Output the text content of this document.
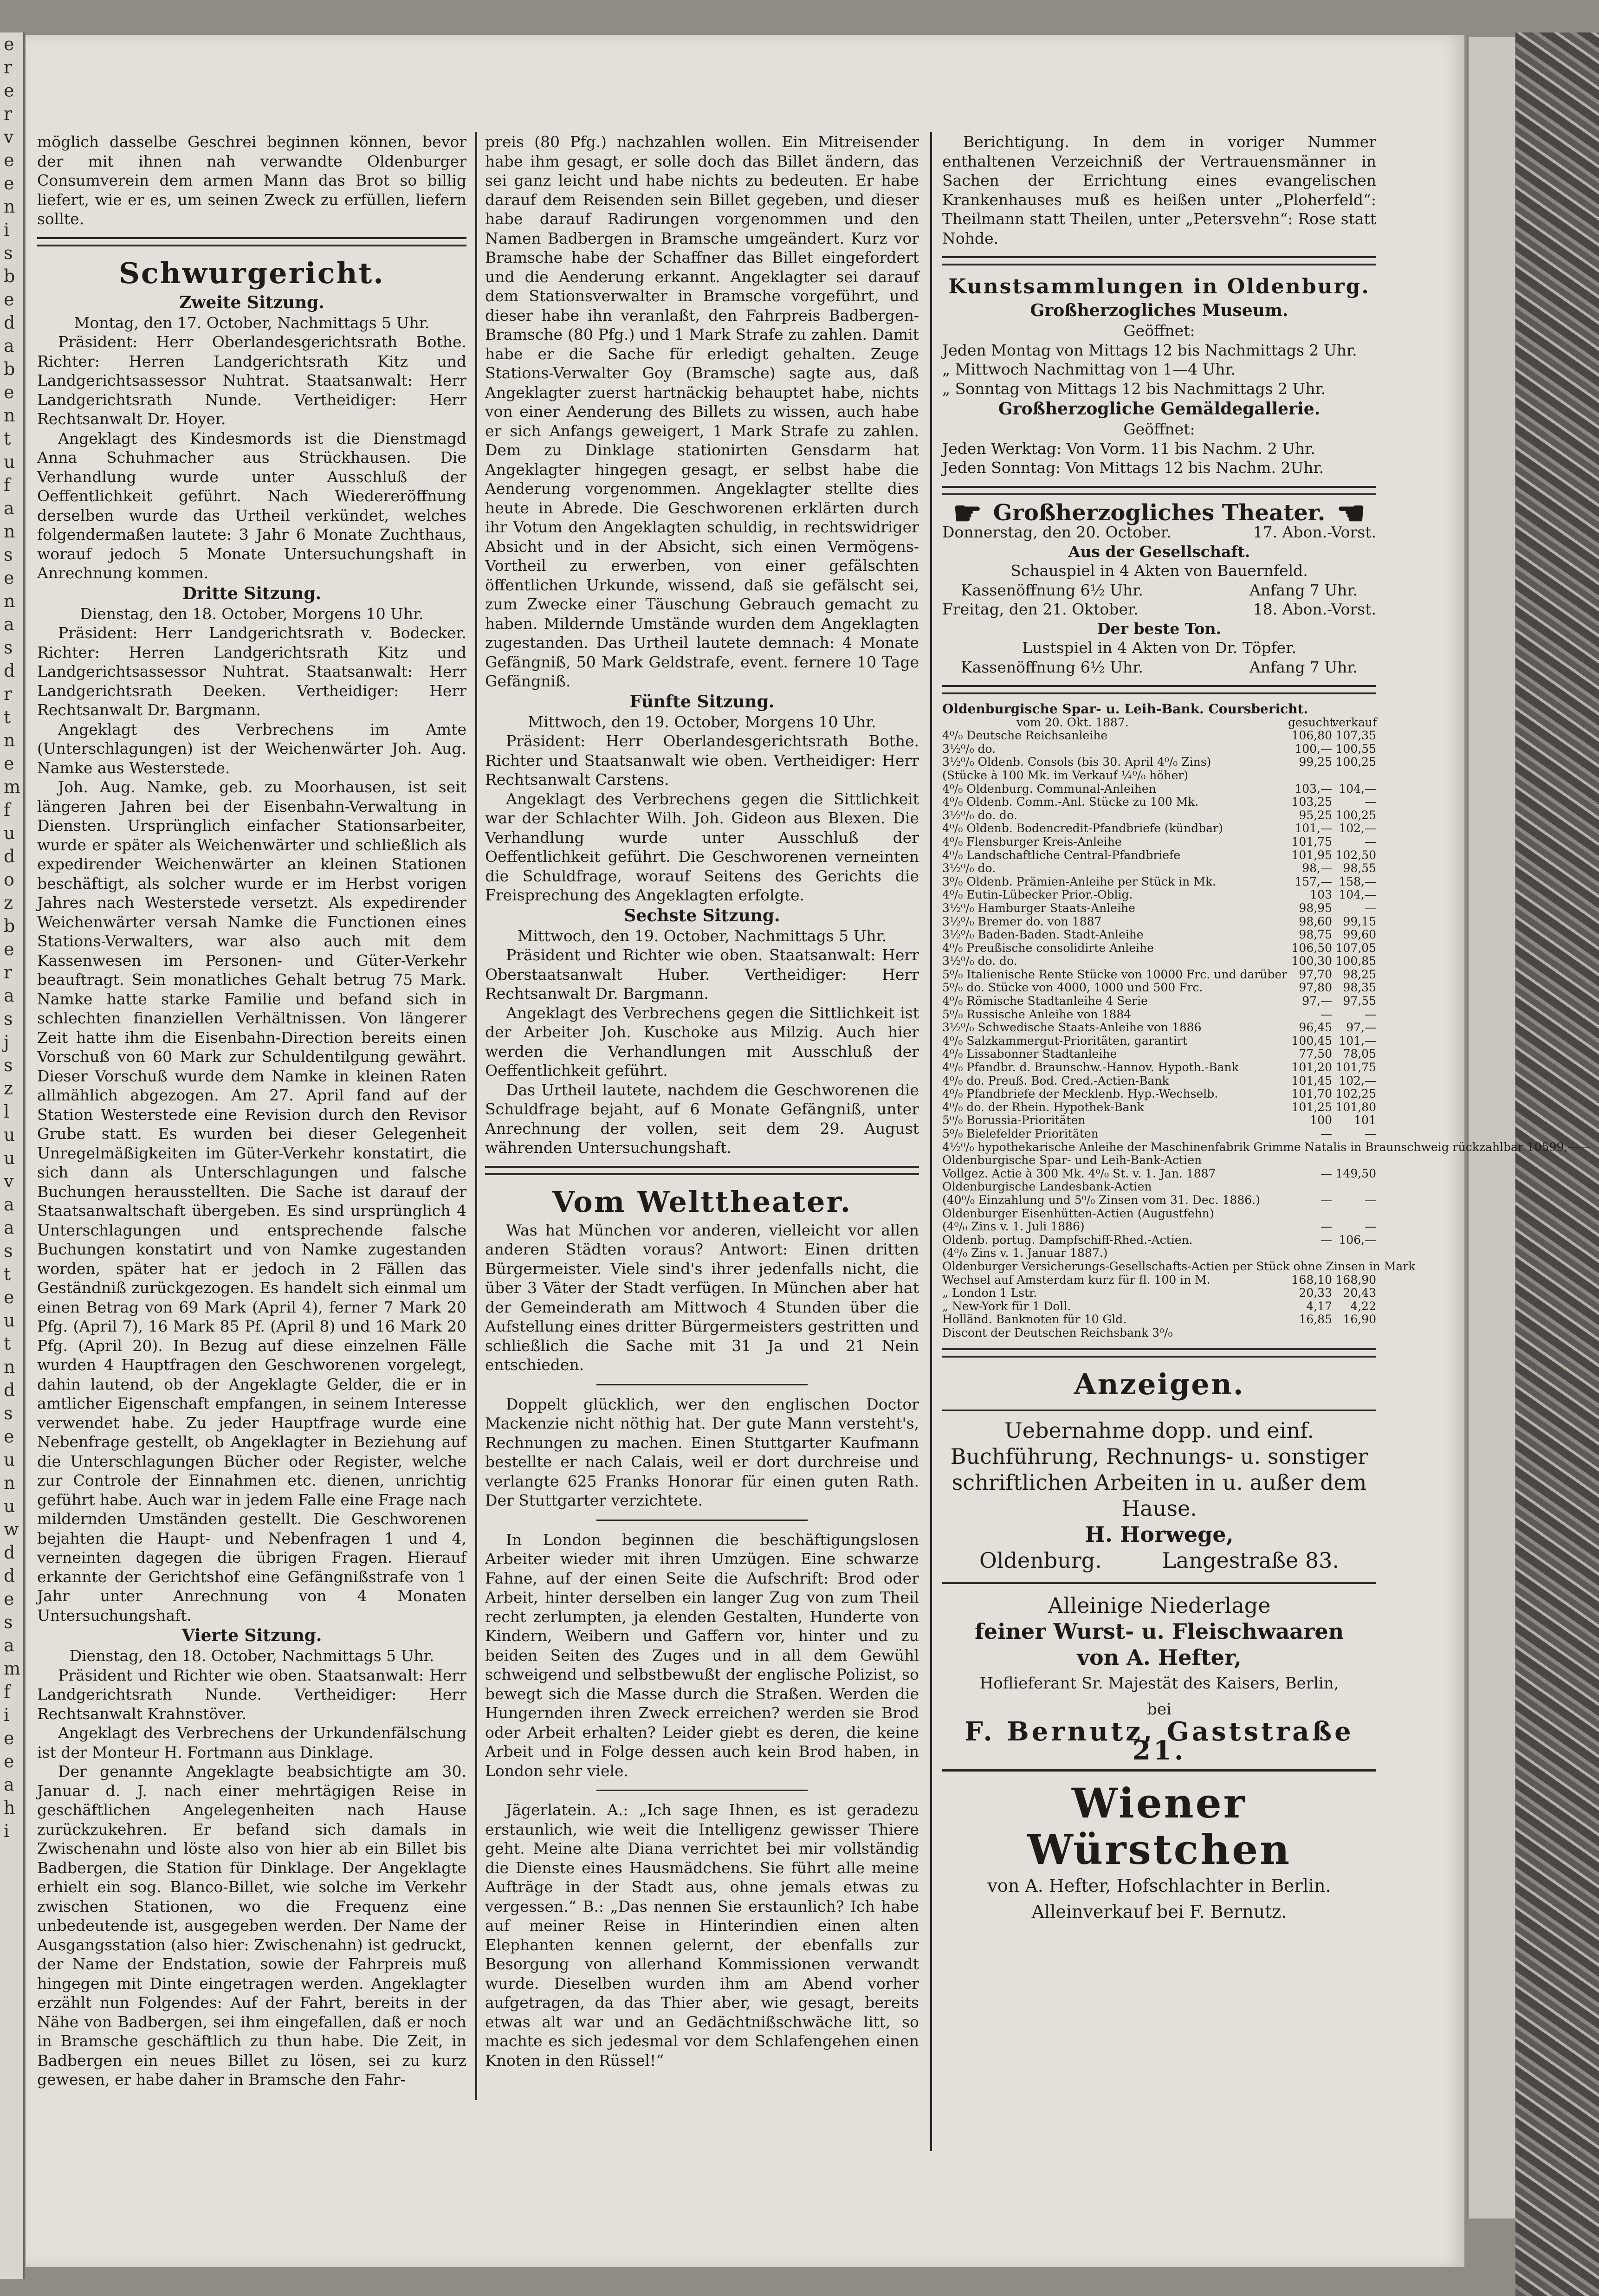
e
r
e
r
v
e
e
n
i
s
b
e
d
a
b
e
n
t
u
f
a
n
s
e
n
a
s
d
r
t
n
e
m
f
u
d
o
z
b
e
r
a
s
j
s
z
l
u
u
v
a
a
s
t
e
u
t
n
d
s
e
u
n
u
w
d
d
e
s
a
m
f
i
e
e
a
h
i

möglich dasselbe Geschrei beginnen können, bevor der mit ihnen nah verwandte Oldenburger Consumverein dem armen Mann das Brot so billig liefert, wie er es, um seinen Zweck zu erfüllen, liefern sollte.

Schwurgericht.
Zweite Sitzung.
Montag, den 17. October, Nachmittags 5 Uhr.

Präsident: Herr Oberlandesgerichtsrath Bothe. Richter: Herren Landgerichtsrath Kitz und Landgerichtsassessor Nuhtrat. Staatsanwalt: Herr Landgerichtsrath Nunde. Vertheidiger: Herr Rechtsanwalt Dr. Hoyer.

Angeklagt des Kindesmords ist die Dienstmagd Anna Schuhmacher aus Strückhausen. Die Verhandlung wurde unter Ausschluß der Oeffentlichkeit geführt. Nach Wiedereröffnung derselben wurde das Urtheil verkündet, welches folgendermaßen lautete: 3 Jahr 6 Monate Zuchthaus, worauf jedoch 5 Monate Untersuchungshaft in Anrechnung kommen.

Dritte Sitzung.
Dienstag, den 18. October, Morgens 10 Uhr.

Präsident: Herr Landgerichtsrath v. Bodecker. Richter: Herren Landgerichtsrath Kitz und Landgerichtsassessor Nuhtrat. Staatsanwalt: Herr Landgerichtsrath Deeken. Vertheidiger: Herr Rechtsanwalt Dr. Bargmann.

Angeklagt des Verbrechens im Amte (Unterschlagungen) ist der Weichenwärter Joh. Aug. Namke aus Westerstede.

Joh. Aug. Namke, geb. zu Moorhausen, ist seit längeren Jahren bei der Eisenbahn-Verwaltung in Diensten. Ursprünglich einfacher Stationsarbeiter, wurde er später als Weichenwärter und schließlich als expedirender Weichenwärter an kleinen Stationen beschäftigt, als solcher wurde er im Herbst vorigen Jahres nach Westerstede versetzt. Als expedirender Weichenwärter versah Namke die Functionen eines Stations-Verwalters, war also auch mit dem Kassenwesen im Personen- und Güter-Verkehr beauftragt. Sein monatliches Gehalt betrug 75 Mark. Namke hatte starke Familie und befand sich in schlechten finanziellen Verhältnissen. Von längerer Zeit hatte ihm die Eisenbahn-Direction bereits einen Vorschuß von 60 Mark zur Schuldentilgung gewährt. Dieser Vorschuß wurde dem Namke in kleinen Raten allmählich abgezogen. Am 27. April fand auf der Station Westerstede eine Revision durch den Revisor Grube statt. Es wurden bei dieser Gelegenheit Unregelmäßigkeiten im Güter-Verkehr konstatirt, die sich dann als Unterschlagungen und falsche Buchungen herausstellten. Die Sache ist darauf der Staatsanwaltschaft übergeben. Es sind ursprünglich 4 Unterschlagungen und entsprechende falsche Buchungen konstatirt und von Namke zugestanden worden, später hat er jedoch in 2 Fällen das Geständniß zurückgezogen. Es handelt sich einmal um einen Betrag von 69 Mark (April 4), ferner 7 Mark 20 Pfg. (April 7), 16 Mark 85 Pf. (April 8) und 16 Mark 20 Pfg. (April 20). In Bezug auf diese einzelnen Fälle wurden 4 Hauptfragen den Geschworenen vorgelegt, dahin lautend, ob der Angeklagte Gelder, die er in amtlicher Eigenschaft empfangen, in seinem Interesse verwendet habe. Zu jeder Hauptfrage wurde eine Nebenfrage gestellt, ob Angeklagter in Beziehung auf die Unterschlagungen Bücher oder Register, welche zur Controle der Einnahmen etc. dienen, unrichtig geführt habe. Auch war in jedem Falle eine Frage nach mildernden Umständen gestellt. Die Geschworenen bejahten die Haupt- und Nebenfragen 1 und 4, verneinten dagegen die übrigen Fragen. Hierauf erkannte der Gerichtshof eine Gefängnißstrafe von 1 Jahr unter Anrechnung von 4 Monaten Untersuchungshaft.

Vierte Sitzung.
Dienstag, den 18. October, Nachmittags 5 Uhr.

Präsident und Richter wie oben. Staatsanwalt: Herr Landgerichtsrath Nunde. Vertheidiger: Herr Rechtsanwalt Krahnstöver.

Angeklagt des Verbrechens der Urkundenfälschung ist der Monteur H. Fortmann aus Dinklage.

Der genannte Angeklagte beabsichtigte am 30. Januar d. J. nach einer mehrtägigen Reise in geschäftlichen Angelegenheiten nach Hause zurückzukehren. Er befand sich damals in Zwischenahn und löste also von hier ab ein Billet bis Badbergen, die Station für Dinklage. Der Angeklagte erhielt ein sog. Blanco-Billet, wie solche im Verkehr zwischen Stationen, wo die Frequenz eine unbedeutende ist, ausgegeben werden. Der Name der Ausgangsstation (also hier: Zwischenahn) ist gedruckt, der Name der Endstation, sowie der Fahrpreis muß hingegen mit Dinte eingetragen werden. Angeklagter erzählt nun Folgendes: Auf der Fahrt, bereits in der Nähe von Badbergen, sei ihm eingefallen, daß er noch in Bramsche geschäftlich zu thun habe. Die Zeit, in Badbergen ein neues Billet zu lösen, sei zu kurz gewesen, er habe daher in Bramsche den Fahr-

preis (80 Pfg.) nachzahlen wollen. Ein Mitreisender habe ihm gesagt, er solle doch das Billet ändern, das sei ganz leicht und habe nichts zu bedeuten. Er habe darauf dem Reisenden sein Billet gegeben, und dieser habe darauf Radirungen vorgenommen und den Namen Badbergen in Bramsche umgeändert. Kurz vor Bramsche habe der Schaffner das Billet eingefordert und die Aenderung erkannt. Angeklagter sei darauf dem Stationsverwalter in Bramsche vorgeführt, und dieser habe ihn veranlaßt, den Fahrpreis Badbergen-Bramsche (80 Pfg.) und 1 Mark Strafe zu zahlen. Damit habe er die Sache für erledigt gehalten. Zeuge Stations-Verwalter Goy (Bramsche) sagte aus, daß Angeklagter zuerst hartnäckig behauptet habe, nichts von einer Aenderung des Billets zu wissen, auch habe er sich Anfangs geweigert, 1 Mark Strafe zu zahlen. Dem zu Dinklage stationirten Gensdarm hat Angeklagter hingegen gesagt, er selbst habe die Aenderung vorgenommen. Angeklagter stellte dies heute in Abrede. Die Geschworenen erklärten durch ihr Votum den Angeklagten schuldig, in rechtswidriger Absicht und in der Absicht, sich einen Vermögens-Vortheil zu erwerben, von einer gefälschten öffentlichen Urkunde, wissend, daß sie gefälscht sei, zum Zwecke einer Täuschung Gebrauch gemacht zu haben. Mildernde Umstände wurden dem Angeklagten zugestanden. Das Urtheil lautete demnach: 4 Monate Gefängniß, 50 Mark Geldstrafe, event. fernere 10 Tage Gefängniß.

Fünfte Sitzung.
Mittwoch, den 19. October, Morgens 10 Uhr.

Präsident: Herr Oberlandesgerichtsrath Bothe. Richter und Staatsanwalt wie oben. Vertheidiger: Herr Rechtsanwalt Carstens.

Angeklagt des Verbrechens gegen die Sittlichkeit war der Schlachter Wilh. Joh. Gideon aus Blexen. Die Verhandlung wurde unter Ausschluß der Oeffentlichkeit geführt. Die Geschworenen verneinten die Schuldfrage, worauf Seitens des Gerichts die Freisprechung des Angeklagten erfolgte.

Sechste Sitzung.
Mittwoch, den 19. October, Nachmittags 5 Uhr.

Präsident und Richter wie oben. Staatsanwalt: Herr Oberstaatsanwalt Huber. Vertheidiger: Herr Rechtsanwalt Dr. Bargmann.

Angeklagt des Verbrechens gegen die Sittlichkeit ist der Arbeiter Joh. Kuschoke aus Milzig. Auch hier werden die Verhandlungen mit Ausschluß der Oeffentlichkeit geführt.

Das Urtheil lautete, nachdem die Geschworenen die Schuldfrage bejaht, auf 6 Monate Gefängniß, unter Anrechnung der vollen, seit dem 29. August währenden Untersuchungshaft.

Vom Welttheater.

Was hat München vor anderen, vielleicht vor allen anderen Städten voraus? Antwort: Einen dritten Bürgermeister. Viele sind's ihrer jedenfalls nicht, die über 3 Väter der Stadt verfügen. In München aber hat der Gemeinderath am Mittwoch 4 Stunden über die Aufstellung eines dritter Bürgermeisters gestritten und schließlich die Sache mit 31 Ja und 21 Nein entschieden.

Doppelt glücklich, wer den englischen Doctor Mackenzie nicht nöthig hat. Der gute Mann versteht's, Rechnungen zu machen. Einen Stuttgarter Kaufmann bestellte er nach Calais, weil er dort durchreise und verlangte 625 Franks Honorar für einen guten Rath. Der Stuttgarter verzichtete.

In London beginnen die beschäftigungslosen Arbeiter wieder mit ihren Umzügen. Eine schwarze Fahne, auf der einen Seite die Aufschrift: Brod oder Arbeit, hinter derselben ein langer Zug von zum Theil recht zerlumpten, ja elenden Gestalten, Hunderte von Kindern, Weibern und Gaffern vor, hinter und zu beiden Seiten des Zuges und in all dem Gewühl schweigend und selbstbewußt der englische Polizist, so bewegt sich die Masse durch die Straßen. Werden die Hungernden ihren Zweck erreichen? werden sie Brod oder Arbeit erhalten? Leider giebt es deren, die keine Arbeit und in Folge dessen auch kein Brod haben, in London sehr viele.

Jägerlatein. A.: „Ich sage Ihnen, es ist geradezu erstaunlich, wie weit die Intelligenz gewisser Thiere geht. Meine alte Diana verrichtet bei mir vollständig die Dienste eines Hausmädchens. Sie führt alle meine Aufträge in der Stadt aus, ohne jemals etwas zu vergessen.“ B.: „Das nennen Sie erstaunlich? Ich habe auf meiner Reise in Hinterindien einen alten Elephanten kennen gelernt, der ebenfalls zur Besorgung von allerhand Kommissionen verwandt wurde. Dieselben wurden ihm am Abend vorher aufgetragen, da das Thier aber, wie gesagt, bereits etwas alt war und an Gedächtnißschwäche litt, so machte es sich jedesmal vor dem Schlafengehen einen Knoten in den Rüssel!“

Berichtigung. In dem in voriger Nummer enthaltenen Verzeichniß der Vertrauensmänner in Sachen der Errichtung eines evangelischen Krankenhauses muß es heißen unter „Ploherfeld“: Theilmann statt Theilen, unter „Petersvehn“: Rose statt Nohde.

Kunstsammlungen in Oldenburg.
Großherzogliches Museum.
Geöffnet:
Jeden Montag von Mittags 12 bis Nachmittags 2 Uhr.
„ Mittwoch Nachmittag von 1—4 Uhr.
„ Sonntag von Mittags 12 bis Nachmittags 2 Uhr.
Großherzogliche Gemäldegallerie.
Geöffnet:
Jeden Werktag: Von Vorm. 11 bis Nachm. 2 Uhr.
Jeden Sonntag: Von Mittags 12 bis Nachm. 2Uhr.
☛ Großherzogliches Theater. ☚
Donnerstag, den 20. October.	17. Abon.-Vorst.
Aus der Gesellschaft.
Schauspiel in 4 Akten von Bauernfeld.
Kassenöffnung 6½ Uhr.	Anfang 7 Uhr.
Freitag, den 21. Oktober.	18. Abon.-Vorst.
Der beste Ton.
Lustspiel in 4 Akten von Dr. Töpfer.
Kassenöffnung 6½ Uhr.	Anfang 7 Uhr.
Oldenburgische Spar- u. Leih-Bank. Coursbericht.
vom 20. Okt. 1887.	gesucht
verkauf
4⁰/₀ Deutsche Reichsanleihe	106,80 107,35
3½⁰/₀ do.	100,— 100,55
3½⁰/₀ Oldenb. Consols (bis 30. April 4⁰/₀ Zins)	99,25 100,25
(Stücke à 100 Mk. im Verkauf ¼⁰/₀ höher)
4⁰/₀ Oldenburg. Communal-Anleihen	103,— 104,—
4⁰/₀ Oldenb. Comm.-Anl. Stücke zu 100 Mk.	103,25	—
3½⁰/₀ do. do.	95,25 100,25
4⁰/₀ Oldenb. Bodencredit-Pfandbriefe (kündbar)	101,— 102,—
4⁰/₀ Flensburger Kreis-Anleihe	101,75	—
4⁰/₀ Landschaftliche Central-Pfandbriefe	101,95 102,50
3½⁰/₀ do.	98,— 98,55
3⁰/₀ Oldenb. Prämien-Anleihe per Stück in Mk.	157,— 158,—
4⁰/₀ Eutin-Lübecker Prior.-Oblig.	103 104,—
3½⁰/₀ Hamburger Staats-Anleihe	98,95	—
3½⁰/₀ Bremer do. von 1887	98,60 99,15
3½⁰/₀ Baden-Baden. Stadt-Anleihe	98,75 99,60
4⁰/₀ Preußische consolidirte Anleihe	106,50 107,05
3½⁰/₀ do. do.	100,30 100,85
5⁰/₀ Italienische Rente Stücke von 10000 Frc. und darüber	97,70 98,25
5⁰/₀ do. Stücke von 4000, 1000 und 500 Frc.	97,80 98,35
4⁰/₀ Römische Stadtanleihe 4 Serie	97,— 97,55
5⁰/₀ Russische Anleihe von 1884	—	—
3½⁰/₀ Schwedische Staats-Anleihe von 1886	96,45	97,—
4⁰/₀ Salzkammergut-Prioritäten, garantirt	100,45 101,—
4⁰/₀ Lissabonner Stadtanleihe	77,50 78,05
4⁰/₀ Pfandbr. d. Braunschw.-Hannov. Hypoth.-Bank	101,20 101,75
4⁰/₀ do. Preuß. Bod. Cred.-Actien-Bank	101,45 102,—
4⁰/₀ Pfandbriefe der Mecklenb. Hyp.-Wechselb.	101,70 102,25
4⁰/₀ do. der Rhein. Hypothek-Bank	101,25 101,80
5⁰/₀ Borussia-Prioritäten	100	101
5⁰/₀ Bielefelder Prioritäten	—	—
4½⁰/₀ hypothekarische Anleihe der Maschinenfabrik Grimme Natalis in Braunschweig rückzahlbar 105 99,— —
Oldenburgische Spar- und Leih-Bank-Actien
Vollgez. Actie à 300 Mk. 4⁰/₀ St. v. 1. Jan. 1887	— 149,50
Oldenburgische Landesbank-Actien
(40⁰/₀ Einzahlung und 5⁰/₀ Zinsen vom 31. Dec. 1886.)	—	—
Oldenburger Eisenhütten-Actien (Augustfehn)
(4⁰/₀ Zins v. 1. Juli 1886)	—	—
Oldenb. portug. Dampfschiff-Rhed.-Actien.	— 106,—
(4⁰/₀ Zins v. 1. Januar 1887.)
Oldenburger Versicherungs-Gesellschafts-Actien per Stück ohne Zinsen in Mark
Wechsel auf Amsterdam kurz für fl. 100 in M.	168,10 168,90
„ London 1 Lstr.	20,33 20,43
„ New-York für 1 Doll.	4,17	4,22
Holländ. Banknoten für 10 Gld.	16,85 16,90
Discont der Deutschen Reichsbank 3⁰/₀
Anzeigen.
Uebernahme dopp. und einf. Buchführung, Rechnungs- u. sonstiger schriftlichen Arbeiten in u. außer dem Hause.
H. Horwege,
Oldenburg.	Langestraße 83.
Alleinige Niederlage
feiner Wurst- u. Fleischwaaren
von A. Hefter,
Hoflieferant Sr. Majestät des Kaisers, Berlin,
bei
F. Bernutz, Gaststraße 21.
Wiener
Würstchen
von A. Hefter, Hofschlachter in Berlin.
Alleinverkauf bei F. Bernutz.
